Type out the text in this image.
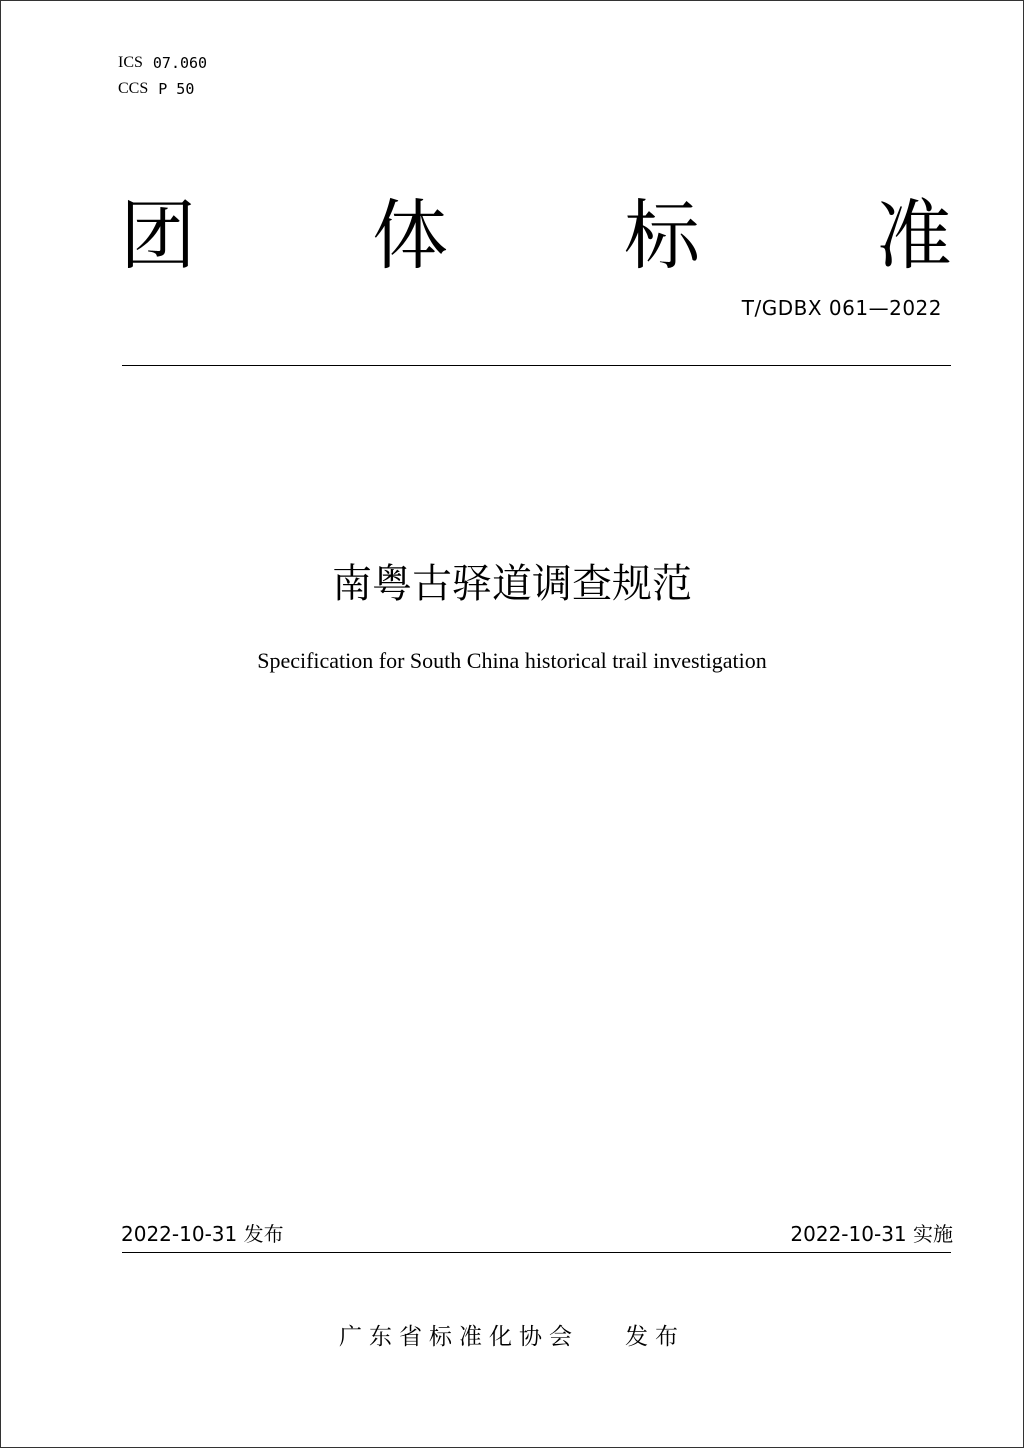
ICS 07.060
CCS P 50
团 体 标 准
T/GDBX 061—2022
南粤古驿道调查规范
Specification for South China historical trail investigation
2022-10-31 发布	2022-10-31 实施
广东省标准化协会 发布
